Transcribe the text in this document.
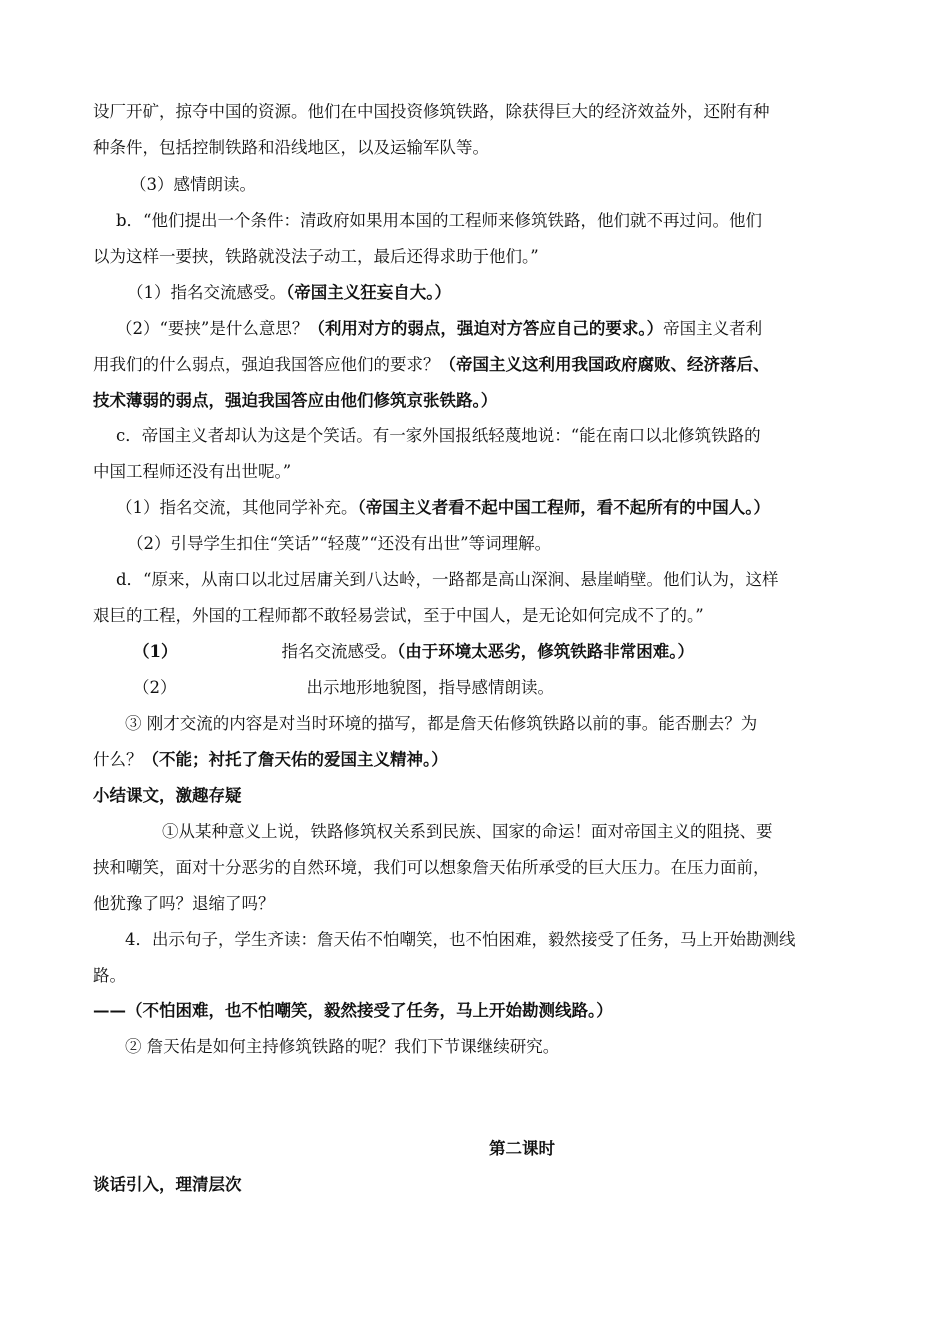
设厂开矿，掠夺中国的资源。他们在中国投资修筑铁路，除获得巨大的经济效益外，还附有种
种条件，包括控制铁路和沿线地区，以及运输军队等。
（3）感情朗读。
b．“他们提出一个条件：清政府如果用本国的工程师来修筑铁路，他们就不再过问。他们
以为这样一要挟，铁路就没法子动工，最后还得求助于他们。”
（1）指名交流感受。（帝国主义狂妄自大。）
（2）“要挟”是什么意思？（利用对方的弱点，强迫对方答应自己的要求。）帝国主义者利
用我们的什么弱点，强迫我国答应他们的要求？（帝国主义这利用我国政府腐败、经济落后、
技术薄弱的弱点，强迫我国答应由他们修筑京张铁路。）
c．帝国主义者却认为这是个笑话。有一家外国报纸轻蔑地说：“能在南口以北修筑铁路的
中国工程师还没有出世呢。”
（1）指名交流，其他同学补充。（帝国主义者看不起中国工程师，看不起所有的中国人。）
（2）引导学生扣住“笑话”“轻蔑”“还没有出世”等词理解。
d．“原来，从南口以北过居庸关到八达岭，一路都是高山深涧、悬崖峭壁。他们认为，这样
艰巨的工程，外国的工程师都不敢轻易尝试，至于中国人，是无论如何完成不了的。”
（1）	指名交流感受。（由于环境太恶劣，修筑铁路非常困难。）
（2）	出示地形地貌图，指导感情朗读。
③ 刚才交流的内容是对当时环境的描写，都是詹天佑修筑铁路以前的事。能否删去？为
什么？（不能；衬托了詹天佑的爱国主义精神。）
小结课文，激趣存疑
①从某种意义上说，铁路修筑权关系到民族、国家的命运！面对帝国主义的阻挠、要
挟和嘲笑，面对十分恶劣的自然环境，我们可以想象詹天佑所承受的巨大压力。在压力面前，
他犹豫了吗？退缩了吗？
4．出示句子，学生齐读：詹天佑不怕嘲笑，也不怕困难，毅然接受了任务，马上开始勘测线
路。
——（不怕困难，也不怕嘲笑，毅然接受了任务，马上开始勘测线路。）
② 詹天佑是如何主持修筑铁路的呢？我们下节课继续研究。
第二课时
谈话引入，理清层次
